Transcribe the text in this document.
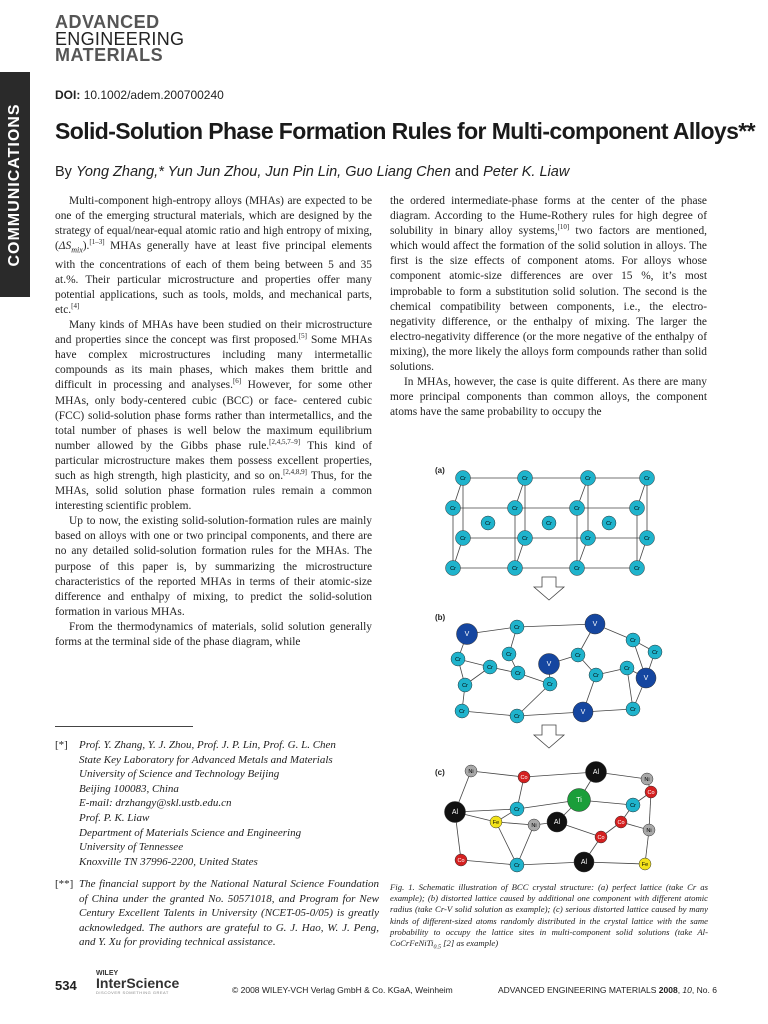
COMMUNICATIONS
ADVANCED
ENGINEERING
MATERIALS
DOI: 10.1002/adem.200700240
Solid-Solution Phase Formation Rules for Multi-component Alloys**
By Yong Zhang,* Yun Jun Zhou, Jun Pin Lin, Guo Liang Chen and Peter K. Liaw

Multi-component high-entropy alloys (MHAs) are expected to be one of the emerging structural materials, which are designed by the strategy of equal/near-equal atomic ratio and high entropy of mixing, $(\Delta S_{mix}).[1-3]$ MHAs generally have at least five principal elements with the concentrations of each of them being between 5 and 35 at.%. Their particular microstructure and properties offer many potential applications, such as tools, molds, and mechanical parts, etc.[4]

Many kinds of MHAs have been studied on their microstructure and properties since the concept was first proposed.[5] Some MHAs have complex microstructures including many intermetallic compounds as its main phases, which makes them brittle and difficult in processing and analyses.[6] However, for some other MHAs, only body-centered cubic (BCC) or face- centered cubic (FCC) solid-solution phase forms rather than intermetallics, and the total number of phases is well below the maximum equilibrium number allowed by the Gibbs phase rule.[2,4,5,7–9] This kind of particular microstructure makes them possess excellent properties, such as high strength, high plasticity, and so on.[2,4,8,9] Thus, for the MHAs, solid solution phase formation rules remain a common interesting scientific problem.

Up to now, the existing solid-solution-formation rules are mainly based on alloys with one or two principal components, and there are no any detailed solid-solution formation rules for the MHAs. The purpose of this paper is, by summarizing the microstructure characteristics of the reported MHAs in terms of their atomic-size difference and enthalpy of mixing, to predict the solid-solution formation in various MHAs.

From the thermodynamics of materials, solid solution generally forms at the terminal side of the phase diagram, while

the ordered intermediate-phase forms at the center of the phase diagram. According to the Hume-Rothery rules for high degree of solubility in binary alloy systems,[10] two factors are mentioned, which would affect the formation of the solid solution in alloys. The first is the size effects of component atoms. For alloys whose component atomic-size differences are over 15 %, it’s most improbable to form a substitution solid solution. The second is the chemical compatibility between components, i.e., the electro-negativity difference, or the enthalpy of mixing. The larger the electro-negativity difference (or the more negative of the enthalpy of mixing), the more likely the alloys form compounds rather than solid solutions.

In MHAs, however, the case is quite different. As there are many more principal components than common alloys, the component atoms have the same probability to occupy the

[*] Prof. Y. Zhang, Y. J. Zhou, Prof. J. P. Lin, Prof. G. L. Chen
State Key Laboratory for Advanced Metals and Materials
University of Science and Technology Beijing
Beijing 100083, China
E-mail: drzhangy@skl.ustb.edu.cn
Prof. P. K. Liaw
Department of Materials Science and Engineering
University of Tennessee
Knoxville TN 37996-2200, United States
[**] The financial support by the National Natural Science Foundation of China under the granted No. 50571018, and Program for New Century Excellent Talents in University (NCET-05-0/05) is greatly acknowledged. The authors are grateful to G. J. Hao, W. J. Peng, and Y. Xu for providing technical assistance.
(a)
Cr	Cr	Cr
Cr	Cr	Cr	Cr
Cr	Cr	Cr	Cr
Cr	Cr	Cr	Cr
Cr	Cr	Cr	Cr
(b)
V
Cr	V
Cr
Cr
Cr
Cr
Cr
V
Cr
Cr
Cr
V
Cr
Cr	Cr
Cr
Cr
V	Cr
(c)	Ni
Co
Al
Ni
Al	Cr
Ti
Cr
Co
Fe	Ni Al
Co
Co
Ni
Co
Cr	Al	Fe
Fig. 1. Schematic illustration of BCC crystal structure: (a) perfect lattice (take Cr as example); (b) distorted lattice caused by additional one component with different atomic radius (take Cr-V solid solution as example); (c) serious distorted lattice caused by many kinds of different-sized atoms randomly distributed in the crystal lattice with the same probability to occupy the lattice sites in multi-component solid solutions (take Al-CoCrFeNiTi$_{0.5}$ [2] as example)
534
WILEY
InterScience
DISCOVER SOMETHING GREAT	© 2008 WILEY-VCH Verlag GmbH & Co. KGaA, Weinheim	ADVANCED ENGINEERING MATERIALS 2008, 10, No. 6
